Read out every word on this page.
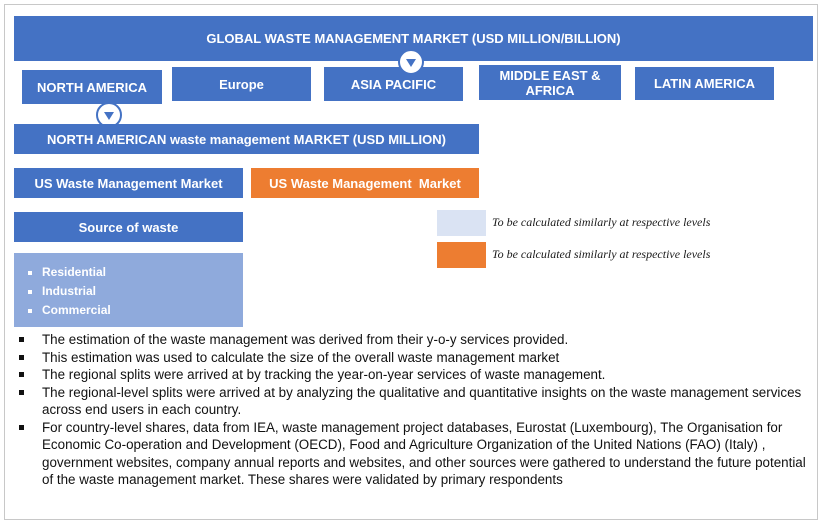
GLOBAL WASTE MANAGEMENT MARKET (USD MILLION/BILLION)
NORTH AMERICA	Europe	ASIA PACIFIC
MIDDLE EAST & AFRICA	LATIN AMERICA
NORTH AMERICAN waste management MARKET (USD MILLION)
US Waste Management Market	US Waste Management  Market
Source of waste
Residential
Industrial
Commercial
To be calculated similarly at respective levels
To be calculated similarly at respective levels
The estimation of the waste management was derived from their y-o-y services provided.
This estimation was used to calculate the size of the overall waste management market
The regional splits were arrived at by tracking the year-on-year services of waste management.
The regional-level splits were arrived at by analyzing the qualitative and quantitative insights on the waste management services across end users in each country.
For country-level shares, data from IEA, waste management project databases, Eurostat (Luxembourg), The Organisation for Economic Co-operation and Development (OECD), Food and Agriculture Organization of the United Nations (FAO) (Italy) , government websites, company annual reports and websites, and other sources were gathered to understand the future potential of the waste management market. These shares were validated by primary respondents
